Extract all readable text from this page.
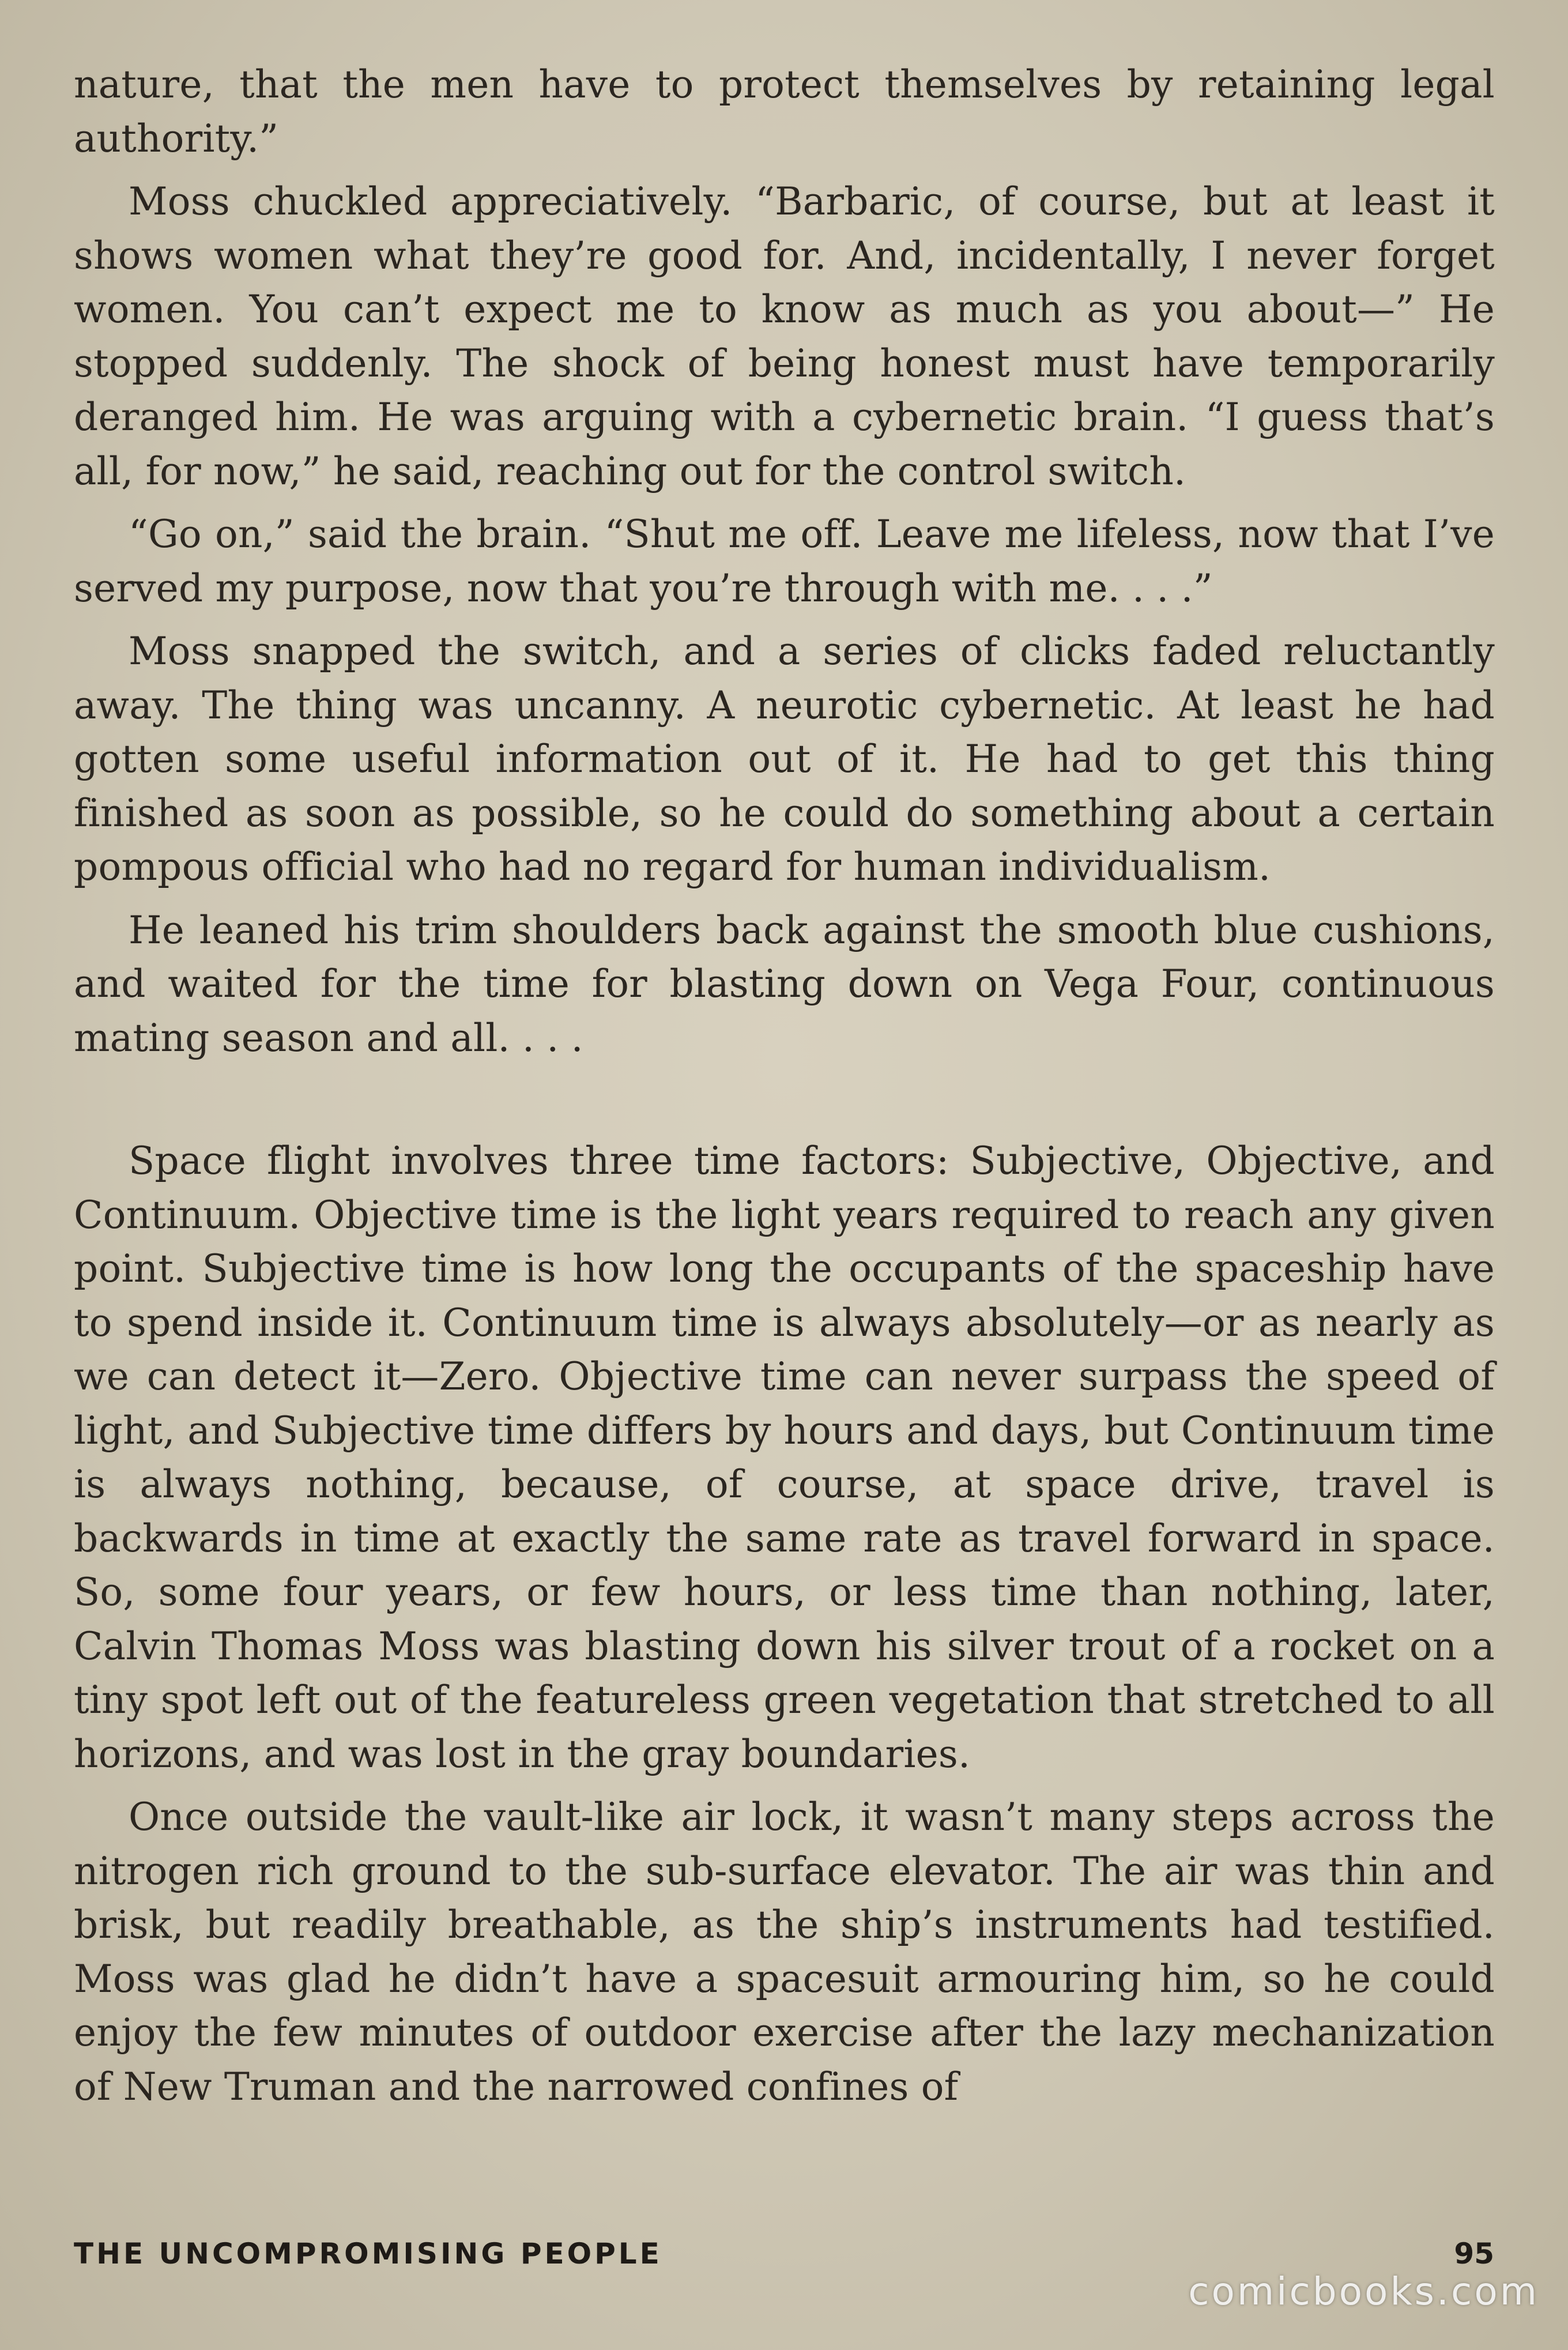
nature, that the men have to protect themselves by retaining legal authority.”

Moss chuckled appreciatively. “Barbaric, of course, but at least it shows women what they’re good for. And, incidentally, I never forget women. You can’t expect me to know as much as you about—” He stopped suddenly. The shock of being honest must have temporarily deranged him. He was arguing with a cybernetic brain. “I guess that’s all, for now,” he said, reaching out for the control switch.

“Go on,” said the brain. “Shut me off. Leave me lifeless, now that I’ve served my purpose, now that you’re through with me. . . .”

Moss snapped the switch, and a series of clicks faded reluctantly away. The thing was uncanny. A neurotic cybernetic. At least he had gotten some useful information out of it. He had to get this thing finished as soon as possible, so he could do something about a certain pompous official who had no regard for human individualism.

He leaned his trim shoulders back against the smooth blue cushions, and waited for the time for blasting down on Vega Four, continuous mating season and all. . . .

Space flight involves three time factors: Subjective, Objective, and Continuum. Objective time is the light years required to reach any given point. Subjective time is how long the occupants of the spaceship have to spend inside it. Continuum time is always absolutely—or as nearly as we can detect it—Zero. Objective time can never surpass the speed of light, and Subjective time differs by hours and days, but Continuum time is always nothing, because, of course, at space drive, travel is backwards in time at exactly the same rate as travel forward in space. So, some four years, or few hours, or less time than nothing, later, Calvin Thomas Moss was blasting down his silver trout of a rocket on a tiny spot left out of the featureless green vegetation that stretched to all horizons, and was lost in the gray boundaries.

Once outside the vault-like air lock, it wasn’t many steps across the nitrogen rich ground to the sub-surface elevator. The air was thin and brisk, but readily breathable, as the ship’s instruments had testified. Moss was glad he didn’t have a spacesuit armouring him, so he could enjoy the few minutes of outdoor exercise after the lazy mechanization of New Truman and the narrowed confines of

THE UNCOMPROMISING PEOPLE	95
comicbooks.com
